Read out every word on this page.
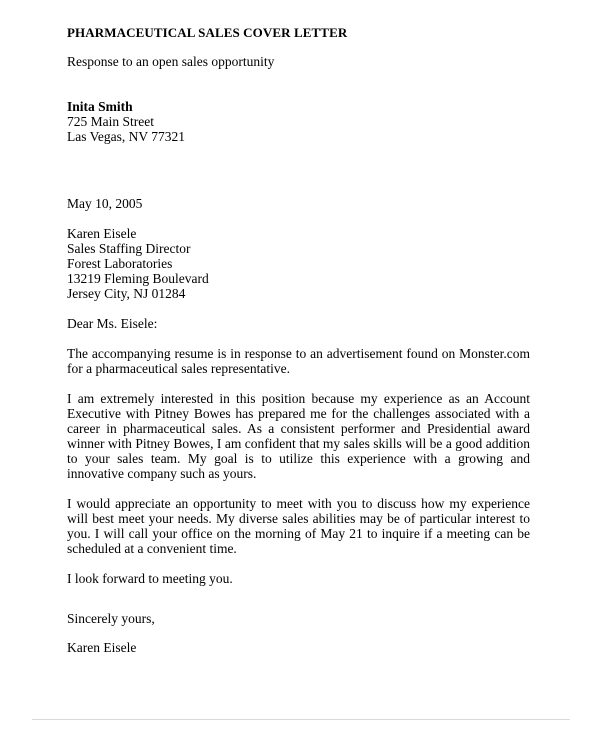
PHARMACEUTICAL SALES COVER LETTER
Response to an open sales opportunity
Inita Smith
725 Main Street
Las Vegas, NV 77321
May 10, 2005
Karen Eisele
Sales Staffing Director
Forest Laboratories
13219 Fleming Boulevard
Jersey City, NJ 01284
Dear Ms. Eisele:

The accompanying resume is in response to an advertisement found on Monster.com for a pharmaceutical sales representative.

I am extremely interested in this position because my experience as an Account Executive with Pitney Bowes has prepared me for the challenges associated with a career in pharmaceutical sales. As a consistent performer and Presidential award winner with Pitney Bowes, I am confident that my sales skills will be a good addition to your sales team. My goal is to utilize this experience with a growing and innovative company such as yours.

I would appreciate an opportunity to meet with you to discuss how my experience will best meet your needs. My diverse sales abilities may be of particular interest to you. I will call your office on the morning of May 21 to inquire if a meeting can be scheduled at a convenient time.

I look forward to meeting you.

Sincerely yours,
Karen Eisele
